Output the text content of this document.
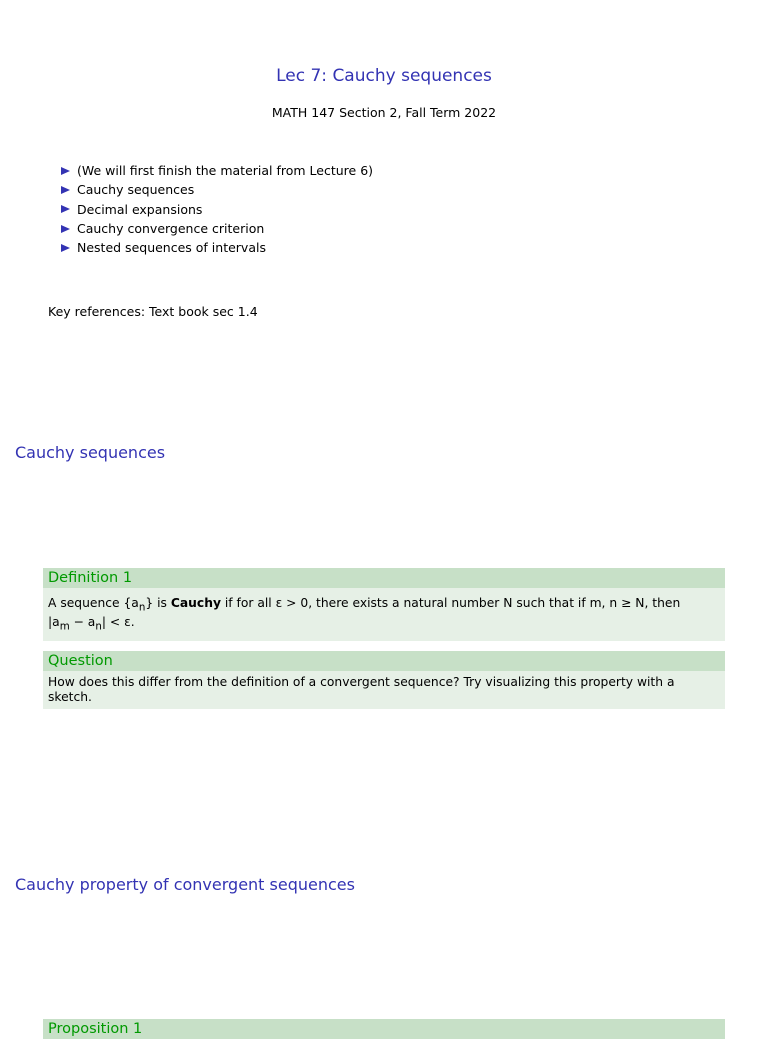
Lec 7: Cauchy sequences
MATH 147 Section 2, Fall Term 2022
(We will first finish the material from Lecture 6)
Cauchy sequences
Decimal expansions
Cauchy convergence criterion
Nested sequences of intervals
Key references: Text book sec 1.4
Cauchy sequences
Definition 1
A sequence $\{a_n\}$ is Cauchy if for all ε > 0, there exists a natural number N such that if m, n ≥ N, then
$|a_m - a_n| < \varepsilon$.
Question
How does this differ from the definition of a convergent sequence? Try visualizing this property with a sketch.
Cauchy property of convergent sequences
Proposition 1
